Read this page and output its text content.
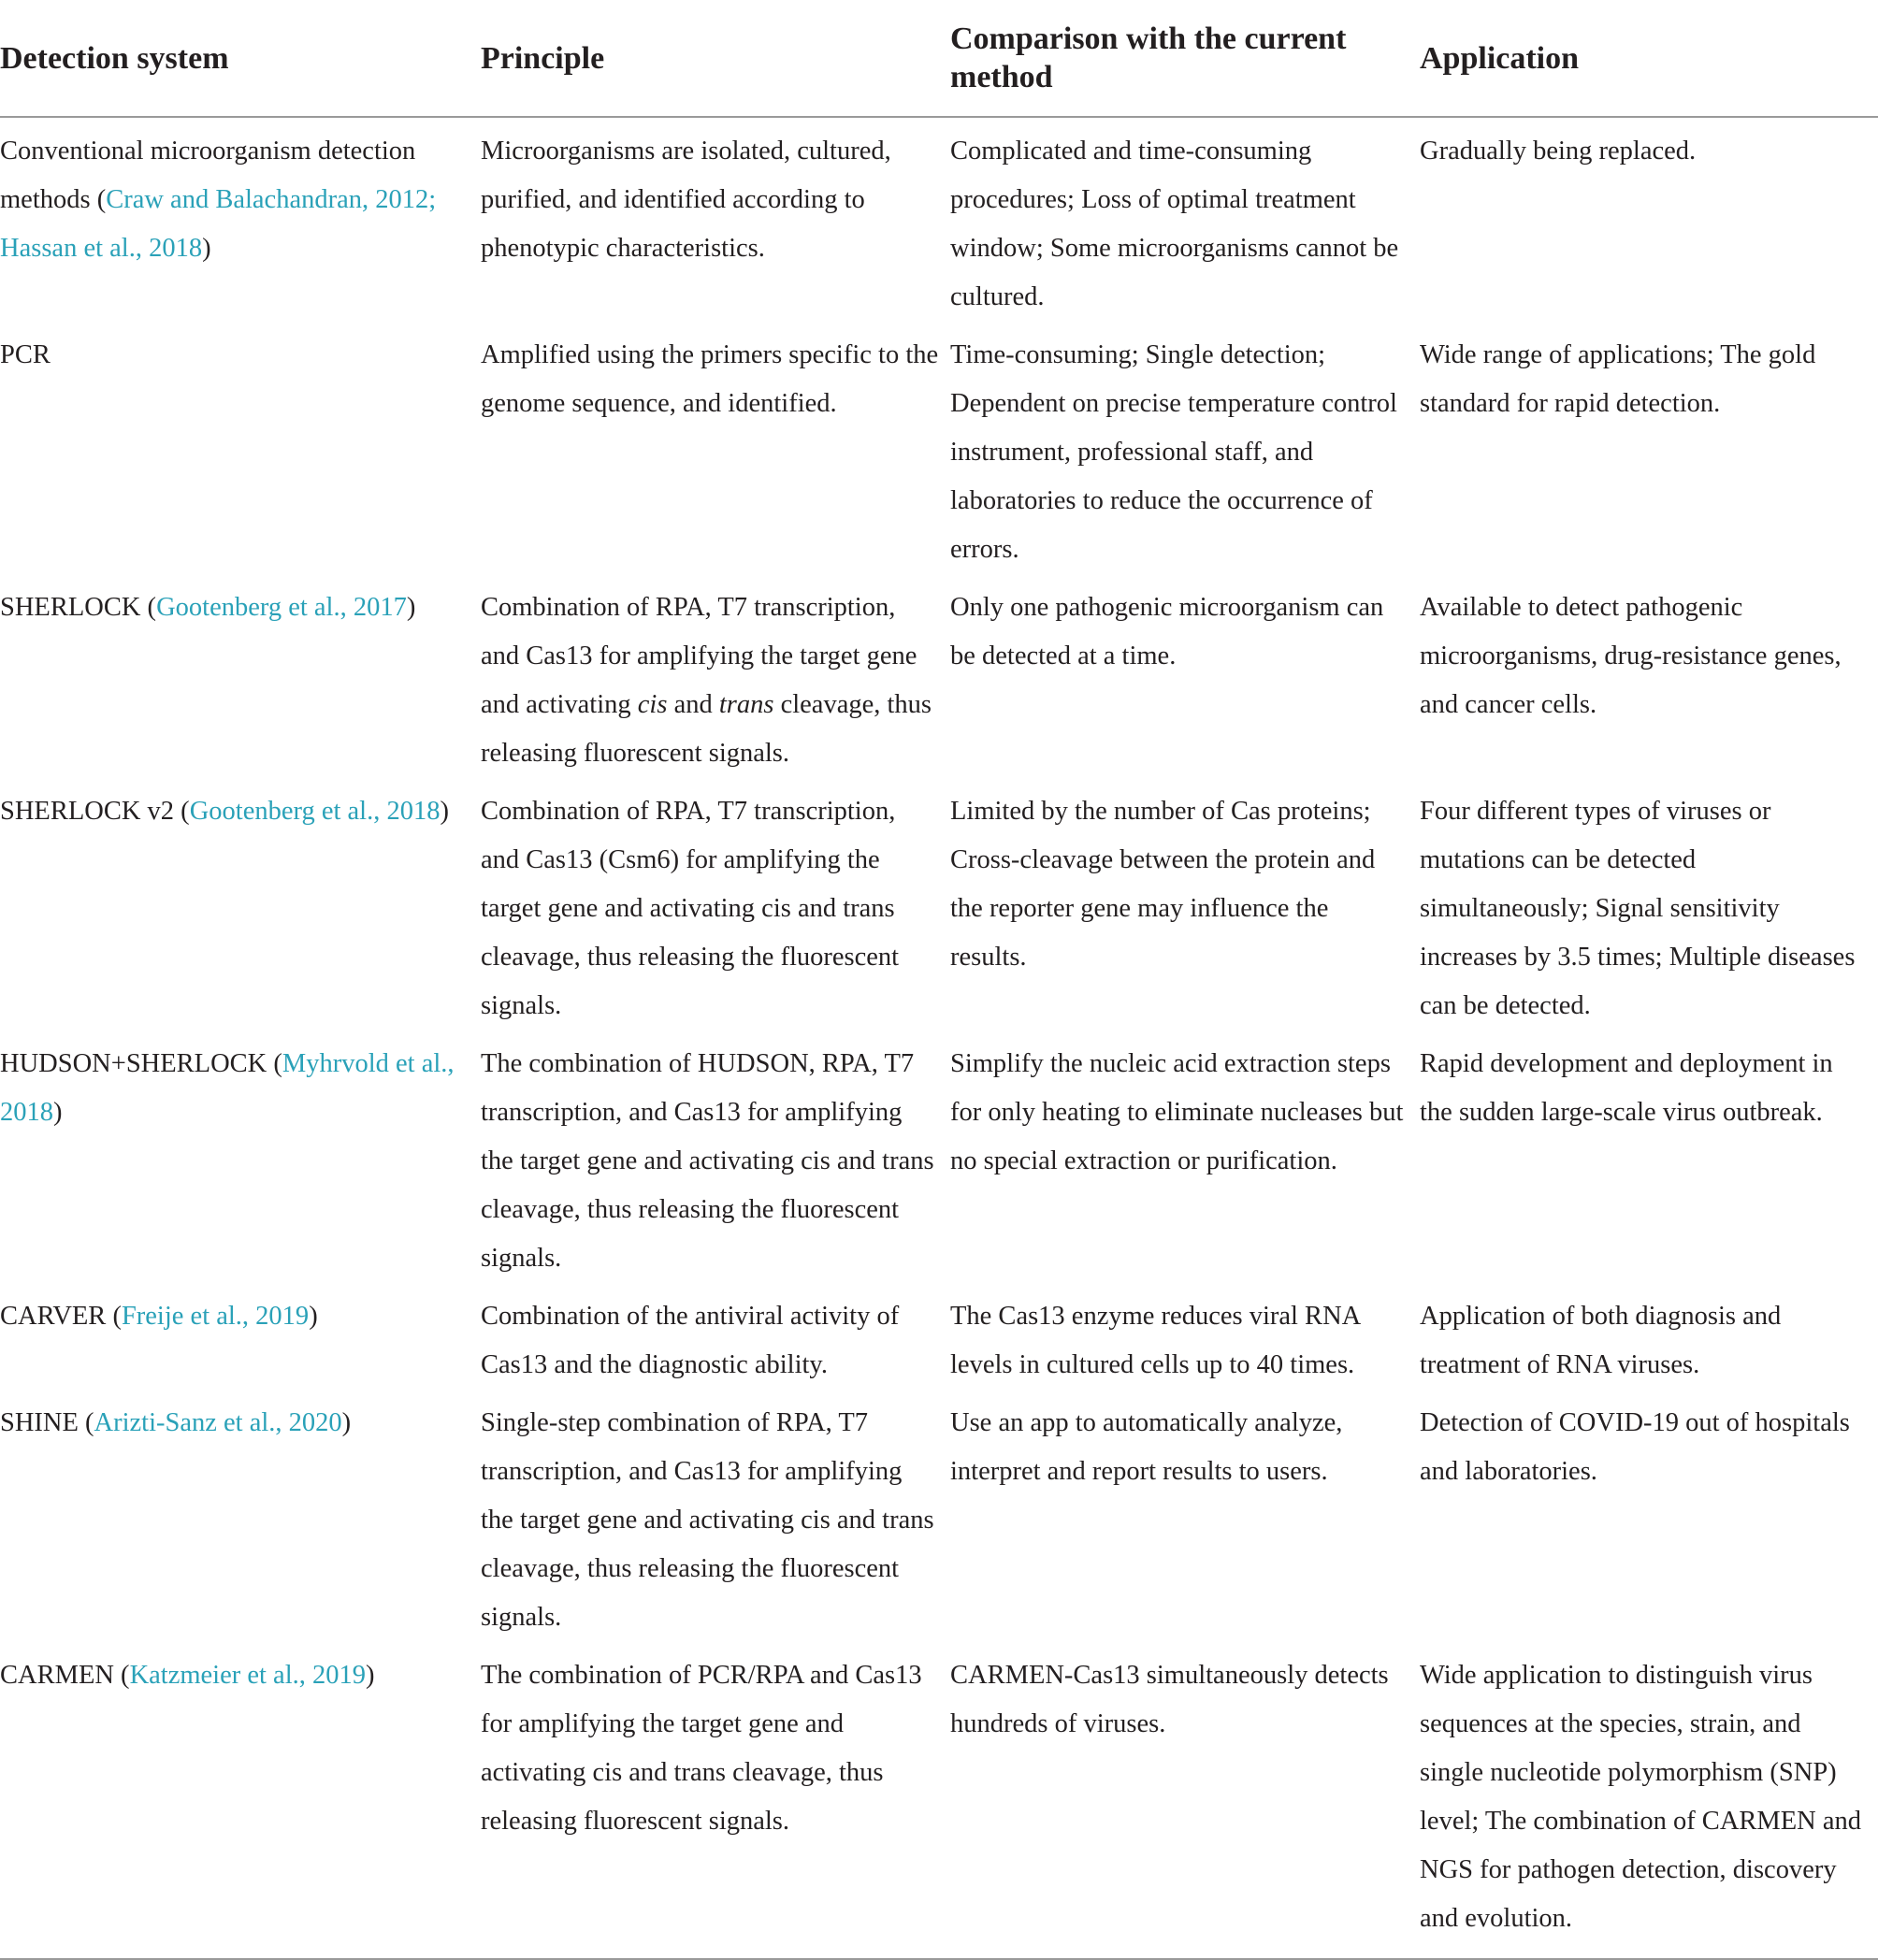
Detection system	Principle	Comparison with the current method	Application
Conventional microorganism detection methods (Craw and Balachandran, 2012; Hassan et al., 2018)	Microorganisms are isolated, cultured, purified, and identified according to phenotypic characteristics.	Complicated and time-consuming procedures; Loss of optimal treatment window; Some microorganisms cannot be cultured.	Gradually being replaced.
PCR	Amplified using the primers specific to the genome sequence, and identified.	Time-consuming; Single detection; Dependent on precise temperature control instrument, professional staff, and laboratories to reduce the occurrence of errors.	Wide range of applications; The gold standard for rapid detection.
SHERLOCK (Gootenberg et al., 2017)	Combination of RPA, T7 transcription, and Cas13 for amplifying the target gene and activating cis and trans cleavage, thus releasing fluorescent signals.	Only one pathogenic microorganism can be detected at a time.	Available to detect pathogenic microorganisms, drug-resistance genes, and cancer cells.
SHERLOCK v2 (Gootenberg et al., 2018)	Combination of RPA, T7 transcription, and Cas13 (Csm6) for amplifying the target gene and activating cis and trans cleavage, thus releasing the fluorescent signals.	Limited by the number of Cas proteins; Cross-cleavage between the protein and the reporter gene may influence the results.	Four different types of viruses or mutations can be detected simultaneously; Signal sensitivity increases by 3.5 times; Multiple diseases can be detected.
HUDSON+SHERLOCK (Myhrvold et al., 2018)	The combination of HUDSON, RPA, T7 transcription, and Cas13 for amplifying the target gene and activating cis and trans cleavage, thus releasing the fluorescent signals.	Simplify the nucleic acid extraction steps for only heating to eliminate nucleases but no special extraction or purification.	Rapid development and deployment in the sudden large-scale virus outbreak.
CARVER (Freije et al., 2019)	Combination of the antiviral activity of Cas13 and the diagnostic ability.	The Cas13 enzyme reduces viral RNA levels in cultured cells up to 40 times.	Application of both diagnosis and treatment of RNA viruses.
SHINE (Arizti-Sanz et al., 2020)	Single-step combination of RPA, T7 transcription, and Cas13 for amplifying the target gene and activating cis and trans cleavage, thus releasing the fluorescent signals.	Use an app to automatically analyze, interpret and report results to users.	Detection of COVID-19 out of hospitals and laboratories.
CARMEN (Katzmeier et al., 2019)	The combination of PCR/RPA and Cas13 for amplifying the target gene and activating cis and trans cleavage, thus releasing fluorescent signals.	CARMEN-Cas13 simultaneously detects hundreds of viruses.	Wide application to distinguish virus sequences at the species, strain, and single nucleotide polymorphism (SNP) level; The combination of CARMEN and NGS for pathogen detection, discovery and evolution.
